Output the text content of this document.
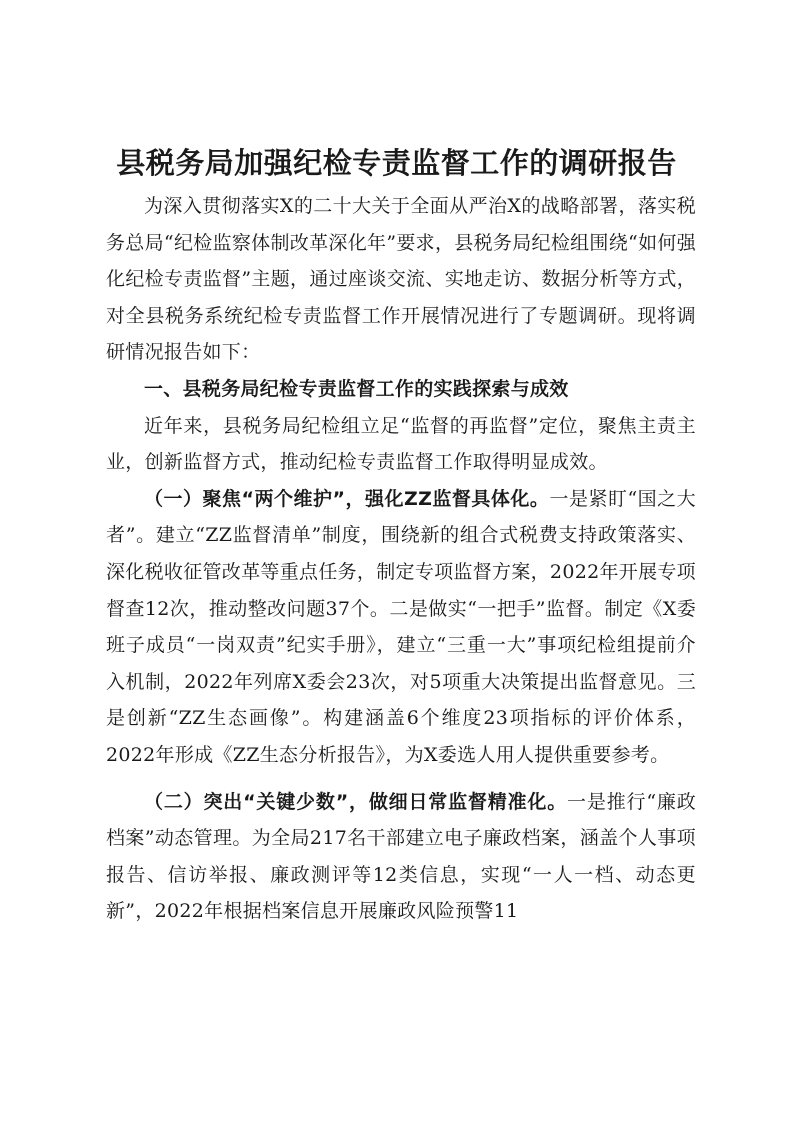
县税务局加强纪检专责监督工作的调研报告

为深入贯彻落实X的二十大关于全面从严治X的战略部署，落实税务总局“纪检监察体制改革深化年”要求，县税务局纪检组围绕“如何强化纪检专责监督”主题，通过座谈交流、实地走访、数据分析等方式，对全县税务系统纪检专责监督工作开展情况进行了专题调研。现将调研情况报告如下：

一、县税务局纪检专责监督工作的实践探索与成效

近年来，县税务局纪检组立足“监督的再监督”定位，聚焦主责主业，创新监督方式，推动纪检专责监督工作取得明显成效。

（一）聚焦“两个维护”，强化ZZ监督具体化。一是紧盯“国之大者”。建立“ZZ监督清单”制度，围绕新的组合式税费支持政策落实、深化税收征管改革等重点任务，制定专项监督方案，2022年开展专项督查12次，推动整改问题37个。二是做实“一把手”监督。制定《X委班子成员“一岗双责”纪实手册》，建立“三重一大”事项纪检组提前介入机制，2022年列席X委会23次，对5项重大决策提出监督意见。三是创新“ZZ生态画像”。构建涵盖6个维度23项指标的评价体系，2022年形成《ZZ生态分析报告》，为X委选人用人提供重要参考。

（二）突出“关键少数”，做细日常监督精准化。一是推行“廉政档案”动态管理。为全局217名干部建立电子廉政档案，涵盖个人事项报告、信访举报、廉政测评等12类信息，实现“一人一档、动态更新”，2022年根据档案信息开展廉政风险预警11
